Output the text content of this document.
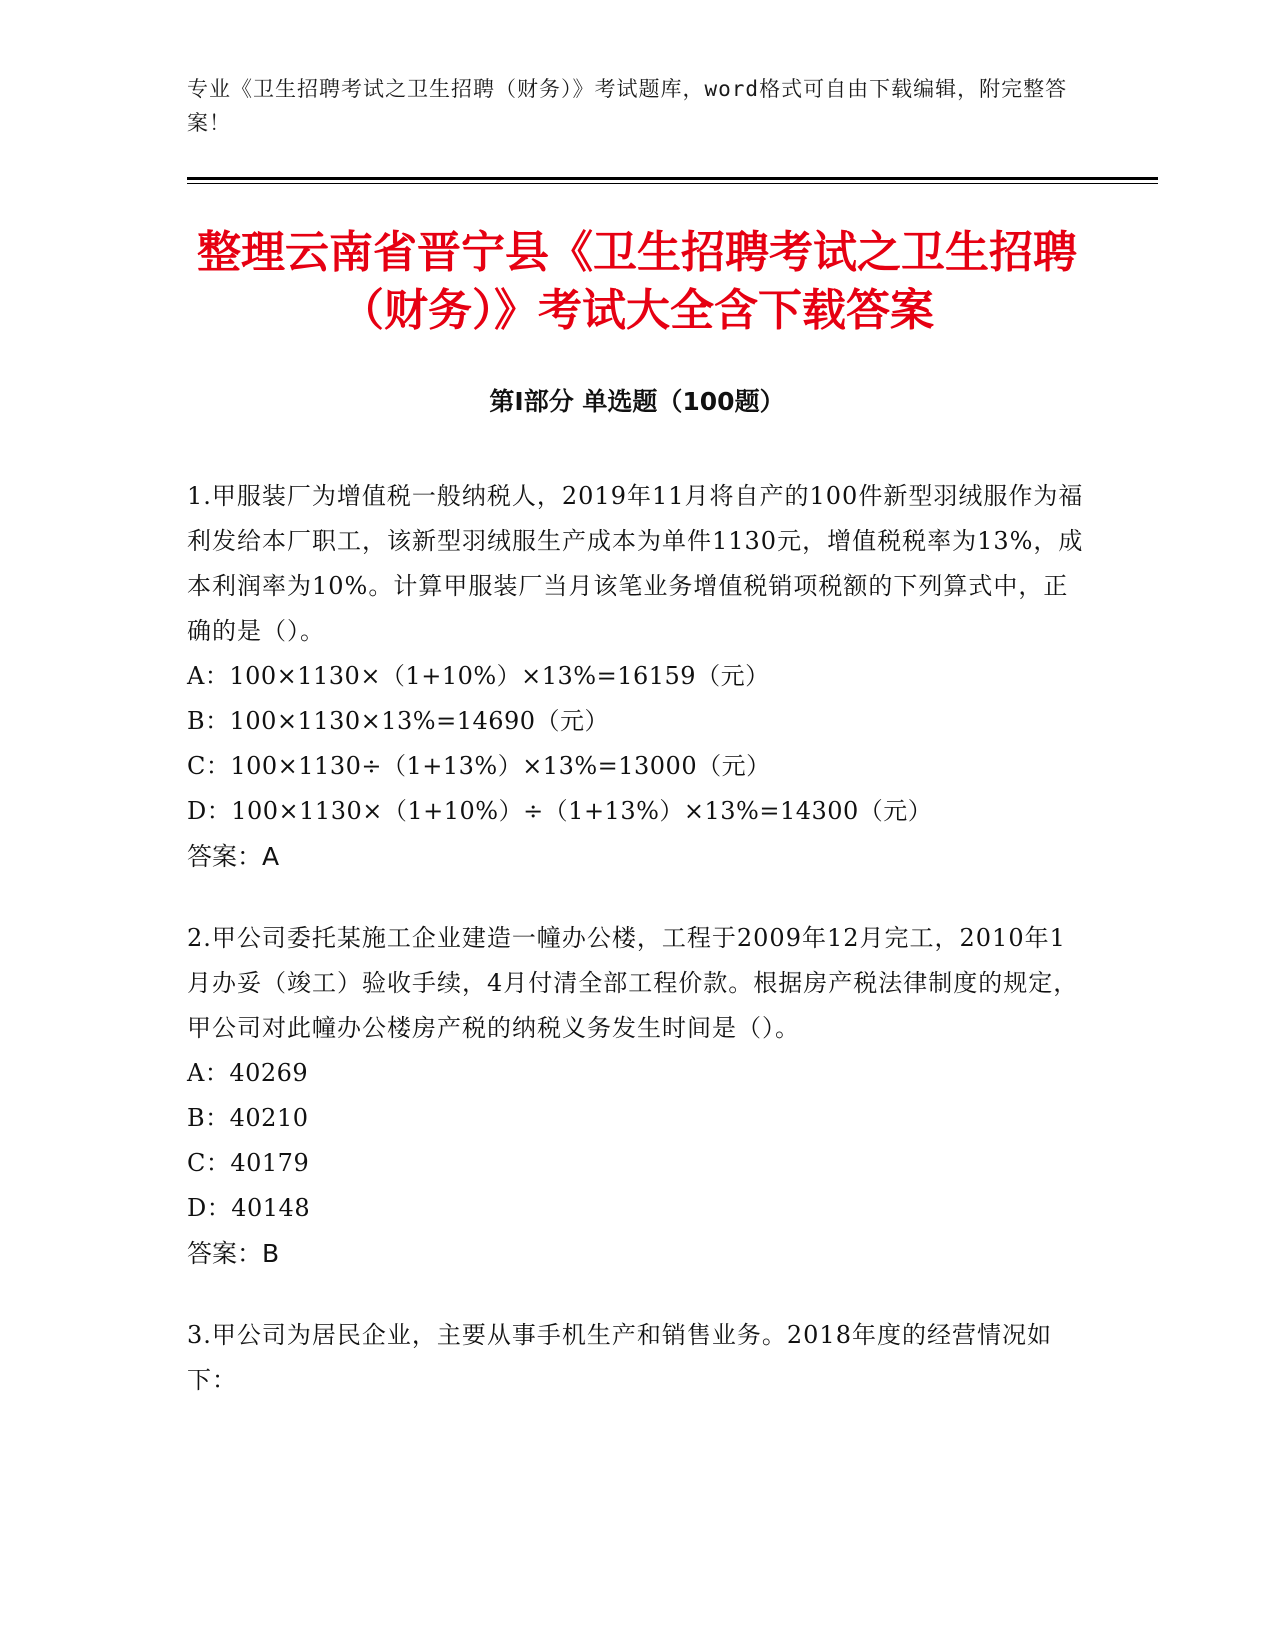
专业《卫生招聘考试之卫生招聘（财务）》考试题库，word格式可自由下载编辑，附完整答案！
整理云南省晋宁县《卫生招聘考试之卫生招聘（财务）》考试大全含下载答案
第Ⅰ部分 单选题（100题）

1.甲服装厂为增值税一般纳税人，2019年11月将自产的100件新型羽绒服作为福利发给本厂职工，该新型羽绒服生产成本为单件1130元，增值税税率为13%，成本利润率为10%。计算甲服装厂当月该笔业务增值税销项税额的下列算式中，正确的是（）。

A：100×1130×（1+10%）×13%=16159（元）

B：100×1130×13%=14690（元）

C：100×1130÷（1+13%）×13%=13000（元）

D：100×1130×（1+10%）÷（1+13%）×13%=14300（元）

答案：A

2.甲公司委托某施工企业建造一幢办公楼，工程于2009年12月完工，2010年1月办妥（竣工）验收手续，4月付清全部工程价款。根据房产税法律制度的规定，甲公司对此幢办公楼房产税的纳税义务发生时间是（）。

A：40269

B：40210

C：40179

D：40148

答案：B

3.甲公司为居民企业，主要从事手机生产和销售业务。2018年度的经营情况如下：
